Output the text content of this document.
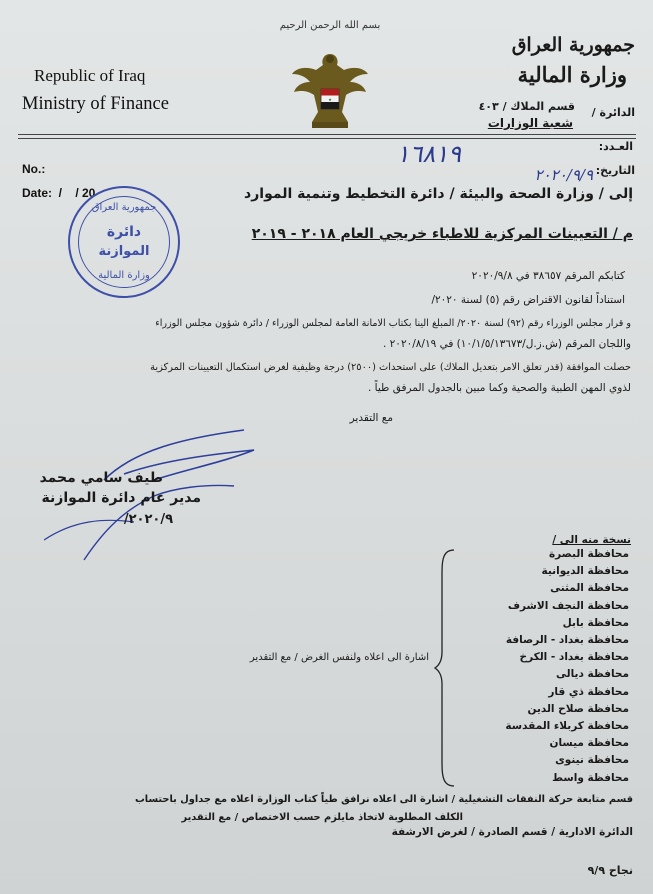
بسم الله الرحمن الرحيم
★
Republic of Iraq
Ministry of Finance
جمهورية العراق
وزارة المالية
الدائرة /
قسم الملاك / ٤٠٣
شعبة الوزارات
No.:
Date:  /    / 20
العـدد:
١٦٨١٩
التاريخ:
٢٠٢٠/٩/٩
جمهورية العراق
دائرة
الموازنة
وزارة المالية
إلى / وزارة الصحة والبيئة / دائرة التخطيط وتنمية الموارد
م / التعيينات المركزية للاطباء خريجي العام ٢٠١٨ - ٢٠١٩
كتابكم المرقم ٣٨٦٥٧ في ٢٠٢٠/٩/٨
استناداً لقانون الاقتراض رقم (٥) لسنة ٢٠٢٠/
و قرار مجلس الوزراء رقم (٩٢) لسنة ٢٠٢٠/ المبلغ الينا بكتاب الامانة العامة لمجلس الوزراء / دائرة شؤون مجلس الوزراء
واللجان المرقم (ش.ز.ل/١٠/١/٥/١٣٦٧٣) في ٢٠٢٠/٨/١٩ .
حصلت الموافقة (قدر تعلق الامر بتعديل الملاك) على استحداث (٢٥٠٠) درجة وظيفية لغرض استكمال التعيينات المركزية
لذوي المهن الطبية والصحية وكما مبين بالجدول المرفق طياً .
مع التقدير
طيف سامي محمد
مدير عام دائرة الموازنة
٢٠٢٠/٩/
نسخة منه الى /
محافظة البصرة
محافظة الديوانية
محافظة المثنى
محافظة النجف الاشرف
محافظة بابل
محافظة بغداد - الرصافة
محافظة بغداد - الكرخ
محافظة ديالى
محافظة ذي قار
محافظة صلاح الدين
محافظة كربلاء المقدسة
محافظة ميسان
محافظة نينوى
محافظة واسط
اشارة الى اعلاه ولنفس الغرض / مع التقدير
قسم متابعة حركة النفقات التشغيلية / اشارة الى اعلاه نرافق طياً كتاب الوزارة اعلاه مع جداول باحتساب
الكلف المطلوبة لاتخاذ مايلزم حسب الاختصاص / مع التقدير
الدائرة الادارية / قسم الصادرة / لغرض الارشفة
نجاح ٩/٩
